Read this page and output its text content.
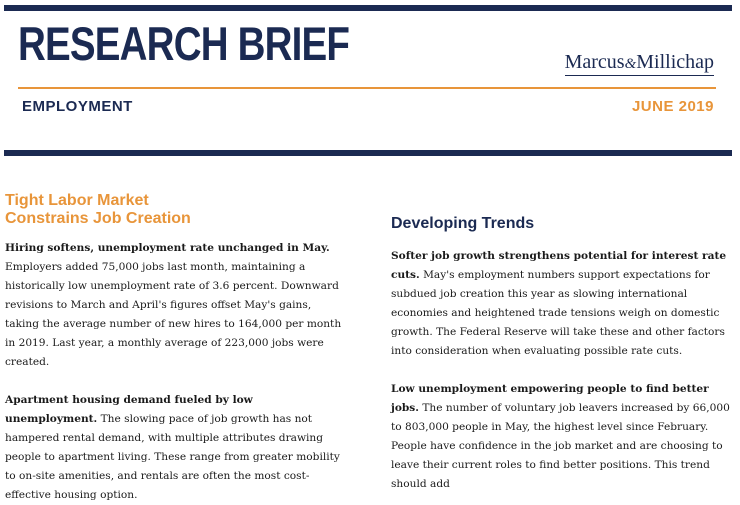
RESEARCH BRIEF	Marcus&Millichap
EMPLOYMENT	JUNE 2019
Tight Labor Market
Constrains Job Creation

Hiring softens, unemployment rate unchanged in May. Employers added 75,000 jobs last month, maintaining a historically low unemployment rate of 3.6 percent. Downward revisions to March and April's figures offset May's gains, taking the average number of new hires to 164,000 per month in 2019. Last year, a monthly average of 223,000 jobs were created.

Apartment housing demand fueled by low unemployment. The slowing pace of job growth has not hampered rental demand, with multiple attributes drawing people to apartment living. These range from greater mobility to on-site amenities, and rentals are often the most cost-effective housing option.

Developing Trends

Softer job growth strengthens potential for interest rate cuts. May's employment numbers support expectations for subdued job creation this year as slowing international economies and heightened trade tensions weigh on domestic growth. The Federal Reserve will take these and other factors into consideration when evaluating possible rate cuts.

Low unemployment empowering people to find better jobs. The number of voluntary job leavers increased by 66,000 to 803,000 people in May, the highest level since February. People have confidence in the job market and are choosing to leave their current roles to find better positions. This trend should add
